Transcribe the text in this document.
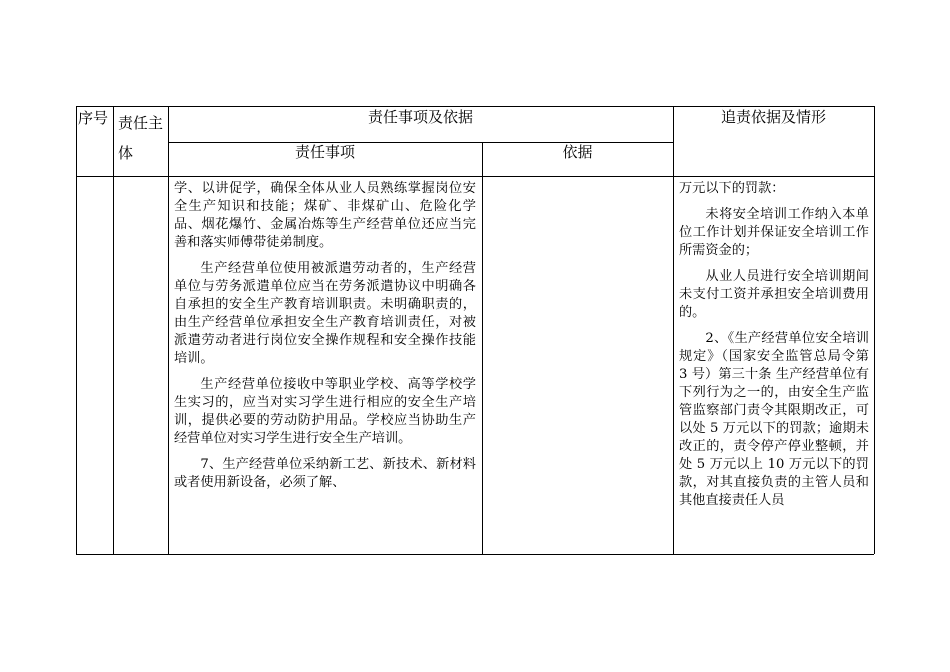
序号 责任主体
责任事项及依据
责任事项	依据
追责依据及情形

学、以讲促学，确保全体从业人员熟练掌握岗位安全生产知识和技能；煤矿、非煤矿山、危险化学品、烟花爆竹、金属冶炼等生产经营单位还应当完善和落实师傅带徒弟制度。

生产经营单位使用被派遣劳动者的，生产经营单位与劳务派遣单位应当在劳务派遣协议中明确各自承担的安全生产教育培训职责。未明确职责的，由生产经营单位承担安全生产教育培训责任，对被派遣劳动者进行岗位安全操作规程和安全操作技能培训。

生产经营单位接收中等职业学校、高等学校学生实习的，应当对实习学生进行相应的安全生产培训，提供必要的劳动防护用品。学校应当协助生产经营单位对实习学生进行安全生产培训。

7、生产经营单位采纳新工艺、新技术、新材料或者使用新设备，必须了解、

万元以下的罚款：

未将安全培训工作纳入本单位工作计划并保证安全培训工作所需资金的；

从业人员进行安全培训期间未支付工资并承担安全培训费用的。

2、《生产经营单位安全培训规定》（国家安全监管总局令第 3 号）第三十条 生产经营单位有下列行为之一的，由安全生产监管监察部门责令其限期改正，可以处 5 万元以下的罚款；逾期未改正的，责令停产停业整顿，并处 5 万元以上 10 万元以下的罚款，对其直接负责的主管人员和其他直接责任人员
